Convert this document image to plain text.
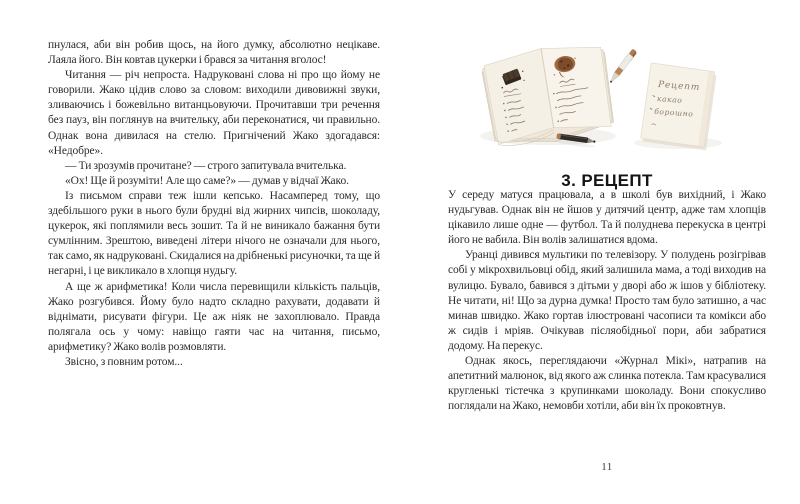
пнулася, аби він робив щось, на його думку, абсолютно нецікаве. Лаяла його. Він ковтав цукерки і брався за читання вголос!

Читання — річ непроста. Надруковані слова ні про що йому не говорили. Жако цідив слово за словом: виходили дивовижні звуки, зливаючись і божевільно витанцьовуючи. Прочитавши три речення без пауз, він поглянув на вчительку, аби переконатися, чи правильно. Однак вона дивилася на стелю. Пригнічений Жако здогадався: «Недобре».

— Ти зрозумів прочитане? — строго запитувала вчителька.

«Ох! Ще й розуміти! Але що саме?» — думав у відчаї Жако.

Із письмом справи теж ішли кепсько. Насамперед тому, що здебільшого руки в нього були брудні від жирних чипсів, шоколаду, цукерок, які поплямили весь зошит. Та й не виникало бажання бути сумлінним. Зрештою, виведені літери нічого не означали для нього, так само, як надруковані. Скидалися на дрібненькі рисуночки, та ще й негарні, і це викликало в хлопця нудьгу.

А ще ж арифметика! Коли числа перевищили кількість пальців, Жако розгубився. Йому було надто складно рахувати, додавати й віднімати, рисувати фігури. Це аж ніяк не захоплювало. Правда полягала ось у чому: навіщо гаяти час на читання, письмо, арифметику? Жако волів розмовляти.

Звісно, з повним ротом...

Рецепт
какао
борошно
3. РЕЦЕПТ

У середу матуся працювала, а в школі був вихідний, і Жако нудьгував. Однак він не йшов у дитячий центр, адже там хлопців цікавило лише одне — футбол. Та й полуднева перекуска в центрі його не вабила. Він волів залишатися вдома.

Уранці дивився мультики по телевізору. У полудень розігрівав собі у мікрохвильовці обід, який залишила мама, а тоді виходив на вулицю. Бувало, бавився з дітьми у дворі або ж ішов у бібліотеку. Не читати, ні! Що за дурна думка! Просто там було затишно, а час минав швидко. Жако гортав ілюстровані часописи та комікси або ж сидів і мріяв. Очікував післяобідньої пори, аби забратися додому. На перекус.

Однак якось, переглядаючи «Журнал Мікі», натрапив на апетитний малюнок, від якого аж слинка потекла. Там красувалися кругленькі тістечка з крупинками шоколаду. Вони спокусливо поглядали на Жако, немовби хотіли, аби він їх проковтнув.

11
